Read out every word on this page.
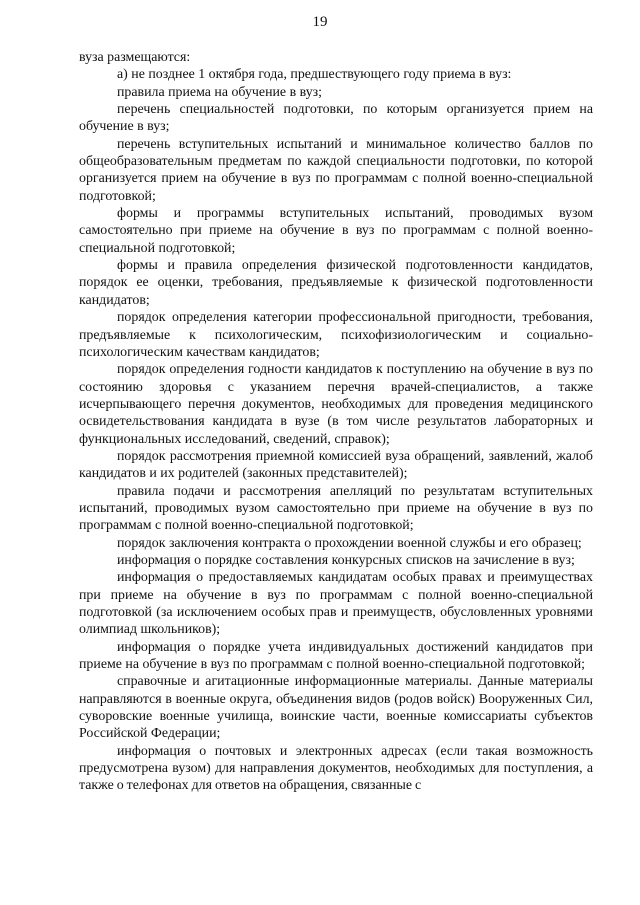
19

вуза размещаются:

а) не позднее 1 октября года, предшествующего году приема в вуз:

правила приема на обучение в вуз;

перечень специальностей подготовки, по которым организуется прием на обучение в вуз;

перечень вступительных испытаний и минимальное количество баллов по общеобразовательным предметам по каждой специальности подготовки, по которой организуется прием на обучение в вуз по программам с полной военно-специальной подготовкой;

формы и программы вступительных испытаний, проводимых вузом самостоятельно при приеме на обучение в вуз по программам с полной военно-специальной подготовкой;

формы и правила определения физической подготовленности кандидатов, порядок ее оценки, требования, предъявляемые к физической подготовленности кандидатов;

порядок определения категории профессиональной пригодности, требования, предъявляемые к психологическим, психофизиологическим и социально-психологическим качествам кандидатов;

порядок определения годности кандидатов к поступлению на обучение в вуз по состоянию здоровья с указанием перечня врачей-специалистов, а также исчерпывающего перечня документов, необходимых для проведения медицинского освидетельствования кандидата в вузе (в том числе результатов лабораторных и функциональных исследований, сведений, справок);

порядок рассмотрения приемной комиссией вуза обращений, заявлений, жалоб кандидатов и их родителей (законных представителей);

правила подачи и рассмотрения апелляций по результатам вступительных испытаний, проводимых вузом самостоятельно при приеме на обучение в вуз по программам с полной военно-специальной подготовкой;

порядок заключения контракта о прохождении военной службы и его образец;

информация о порядке составления конкурсных списков на зачисление в вуз;

информация о предоставляемых кандидатам особых правах и преимуществах при приеме на обучение в вуз по программам с полной военно-специальной подготовкой (за исключением особых прав и преимуществ, обусловленных уровнями олимпиад школьников);

информация о порядке учета индивидуальных достижений кандидатов при приеме на обучение в вуз по программам с полной военно-специальной подготовкой;

справочные и агитационные информационные материалы. Данные материалы направляются в военные округа, объединения видов (родов войск) Вооруженных Сил, суворовские военные училища, воинские части, военные комиссариаты субъектов Российской Федерации;

информация о почтовых и электронных адресах (если такая возможность предусмотрена вузом) для направления документов, необходимых для поступления, а также о телефонах для ответов на обращения, связанные с
